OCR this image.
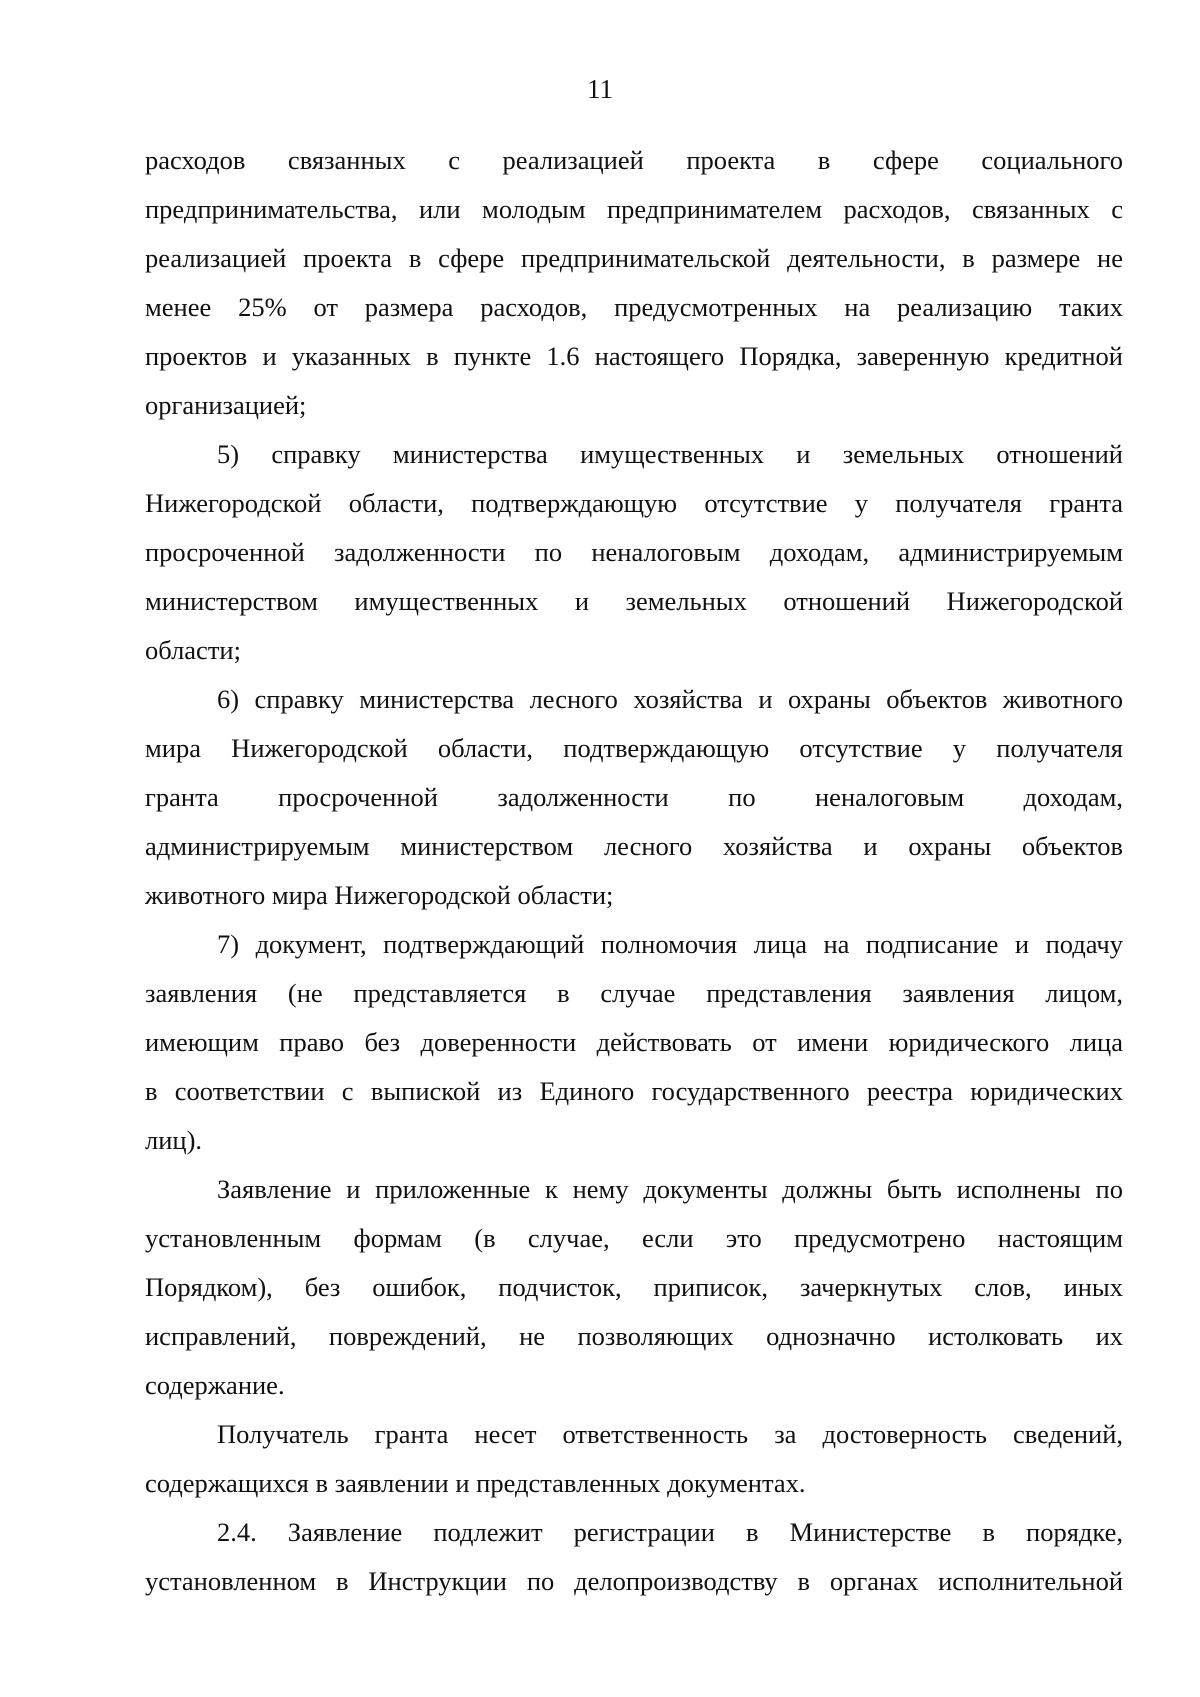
11
расходов связанных с реализацией проекта в сфере социального
предпринимательства, или молодым предпринимателем расходов, связанных с
реализацией проекта в сфере предпринимательской деятельности, в размере не
менее 25% от размера расходов, предусмотренных на реализацию таких
проектов и указанных в пункте 1.6 настоящего Порядка, заверенную кредитной
организацией;
5) справку министерства имущественных и земельных отношений
Нижегородской области, подтверждающую отсутствие у получателя гранта
просроченной задолженности по неналоговым доходам, администрируемым
министерством имущественных и земельных отношений Нижегородской
области;
6) справку министерства лесного хозяйства и охраны объектов животного
мира Нижегородской области, подтверждающую отсутствие у получателя
гранта просроченной задолженности по неналоговым доходам,
администрируемым министерством лесного хозяйства и охраны объектов
животного мира Нижегородской области;
7) документ, подтверждающий полномочия лица на подписание и подачу
заявления (не представляется в случае представления заявления лицом,
имеющим право без доверенности действовать от имени юридического лица
в соответствии с выпиской из Единого государственного реестра юридических
лиц).
Заявление и приложенные к нему документы должны быть исполнены по
установленным формам (в случае, если это предусмотрено настоящим
Порядком), без ошибок, подчисток, приписок, зачеркнутых слов, иных
исправлений, повреждений, не позволяющих однозначно истолковать их
содержание.
Получатель гранта несет ответственность за достоверность сведений,
содержащихся в заявлении и представленных документах.
2.4. Заявление подлежит регистрации в Министерстве в порядке,
установленном в Инструкции по делопроизводству в органах исполнительной
